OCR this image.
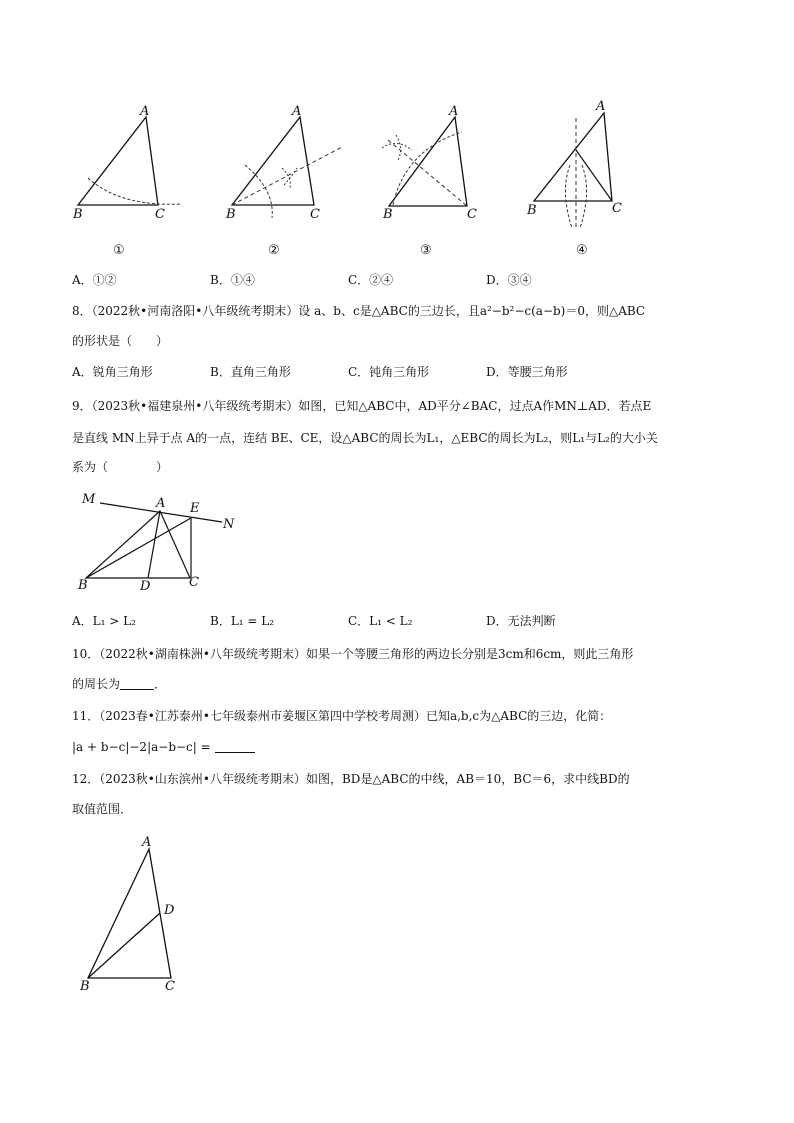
A
B	C
①
A
B	C
②
A
B	C
③
A
B	C
④
A．①②	B．①④	C．②④	D．③④
8．（2022秋•河南洛阳•八年级统考期末）设 a、b、c是△ABC的三边长，且a²−b²−c(a−b)＝0，则△ABC
的形状是（　　）
A．锐角三角形	B．直角三角形	C．钝角三角形	D．等腰三角形
9．（2023秋•福建泉州•八年级统考期末）如图，已知△ABC中，AD平分∠BAC，过点A作MN⊥AD．若点E
是直线 MN上异于点 A的一点，连结 BE、CE，设△ABC的周长为L₁，△EBC的周长为L₂，则L₁与L₂的大小关
系为（　　　　）
M	A E
N
B	D	C
A．L₁ > L₂	B．L₁ = L₂	C．L₁ < L₂	D．无法判断
10．（2022秋•湖南株洲•八年级统考期末）如果一个等腰三角形的两边长分别是3cm和6cm，则此三角形
的周长为	．
11．（2023春•江苏泰州•七年级泰州市姜堰区第四中学校考周测）已知a,b,c为△ABC的三边，化简：
|a + b−c|−2|a−b−c| =
12．（2023秋•山东滨州•八年级统考期末）如图，BD是△ABC的中线，AB＝10，BC＝6，求中线BD的
取值范围．
A
D
B	C
